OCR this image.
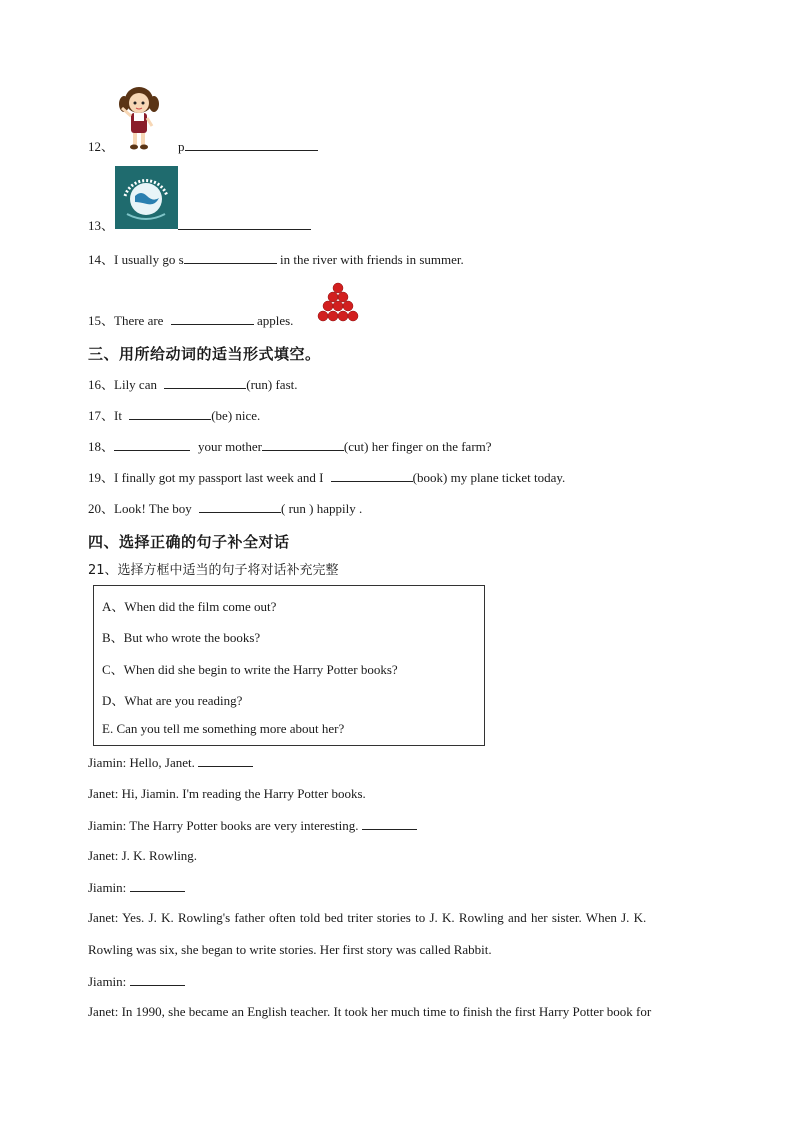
12、	p
13、
14、I usually go s	in the river with friends in summer.
15、There are	apples.
三、用所给动词的适当形式填空。
16、Lily can	(run) fast.
17、It	(be) nice.
18、	your mother	(cut) her finger on the farm?
19、I finally got my passport last week and I	(book) my plane ticket today.
20、Look! The boy	( run ) happily .
四、选择正确的句子补全对话
21、选择方框中适当的句子将对话补充完整
A、When did the film come out?
B、But who wrote the books?
C、When did she begin to write the Harry Potter books?
D、What are you reading?
E. Can you tell me something more about her?
Jiamin: Hello, Janet.
Janet: Hi, Jiamin. I'm reading the Harry Potter books.
Jiamin: The Harry Potter books are very interesting.
Janet: J. K. Rowling.
Jiamin:
Janet: Yes. J. K. Rowling's father often told bed triter stories to J. K. Rowling and her sister. When J. K.
Rowling was six, she began to write stories. Her first story was called Rabbit.
Jiamin:
Janet: In 1990, she became an English teacher. It took her much time to finish the first Harry Potter book for
